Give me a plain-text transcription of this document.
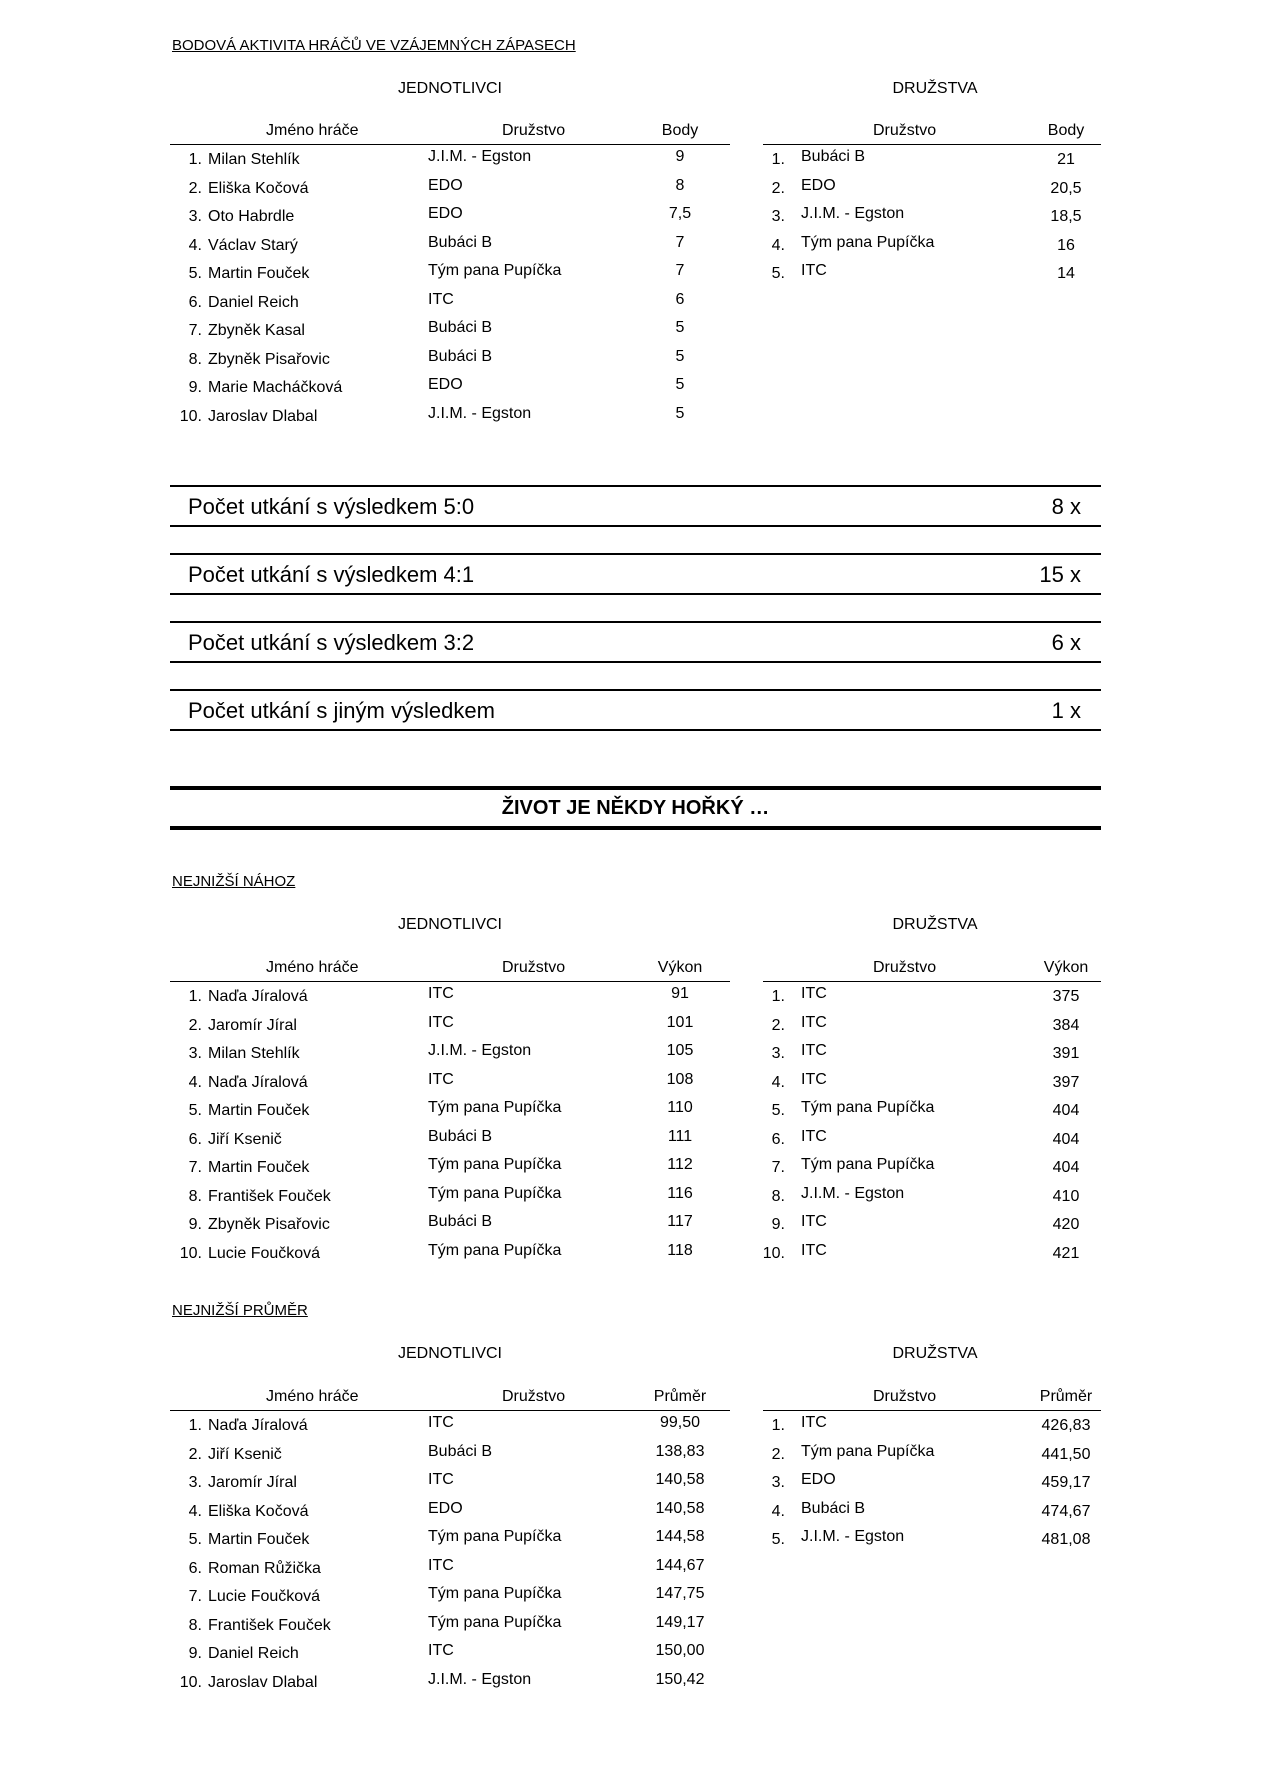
BODOVÁ AKTIVITA HRÁČŮ VE VZÁJEMNÝCH ZÁPASECH
JEDNOTLIVCI	DRUŽSTVA
Jméno hráče	Družstvo	Body
1. Milan Stehlík	J.I.M. - Egston	9
2. Eliška Kočová	EDO	8
3. Oto Habrdle	EDO	7,5
4. Václav Starý	Bubáci B	7
5. Martin Fouček	Tým pana Pupíčka	7
6. Daniel Reich	ITC	6
7. Zbyněk Kasal	Bubáci B	5
8. Zbyněk Pisařovic	Bubáci B	5
9. Marie Macháčková	EDO	5
10. Jaroslav Dlabal	J.I.M. - Egston	5
Družstvo	Body
1. Bubáci B	21
2. EDO	20,5
3. J.I.M. - Egston	18,5
4. Tým pana Pupíčka	16
5. ITC	14
Počet utkání s výsledkem 5:0	8 x
Počet utkání s výsledkem 4:1	15 x
Počet utkání s výsledkem 3:2	6 x
Počet utkání s jiným výsledkem	1 x
ŽIVOT JE NĚKDY HOŘKÝ …
NEJNIŽŠÍ NÁHOZ
JEDNOTLIVCI	DRUŽSTVA
Jméno hráče	Družstvo	Výkon
1. Naďa Jíralová	ITC	91
2. Jaromír Jíral	ITC	101
3. Milan Stehlík	J.I.M. - Egston	105
4. Naďa Jíralová	ITC	108
5. Martin Fouček	Tým pana Pupíčka	110
6. Jiří Ksenič	Bubáci B	111
7. Martin Fouček	Tým pana Pupíčka	112
8. František Fouček	Tým pana Pupíčka	116
9. Zbyněk Pisařovic	Bubáci B	117
10. Lucie Foučková	Tým pana Pupíčka	118
Družstvo	Výkon
1. ITC	375
2. ITC	384
3. ITC	391
4. ITC	397
5. Tým pana Pupíčka	404
6. ITC	404
7. Tým pana Pupíčka	404
8. J.I.M. - Egston	410
9. ITC	420
10. ITC	421
NEJNIŽŠÍ PRŮMĚR
JEDNOTLIVCI	DRUŽSTVA
Jméno hráče	Družstvo	Průměr
1. Naďa Jíralová	ITC	99,50
2. Jiří Ksenič	Bubáci B	138,83
3. Jaromír Jíral	ITC	140,58
4. Eliška Kočová	EDO	140,58
5. Martin Fouček	Tým pana Pupíčka	144,58
6. Roman Růžička	ITC	144,67
7. Lucie Foučková	Tým pana Pupíčka	147,75
8. František Fouček	Tým pana Pupíčka	149,17
9. Daniel Reich	ITC	150,00
10. Jaroslav Dlabal	J.I.M. - Egston	150,42
Družstvo	Průměr
1. ITC	426,83
2. Tým pana Pupíčka	441,50
3. EDO	459,17
4. Bubáci B	474,67
5. J.I.M. - Egston	481,08
